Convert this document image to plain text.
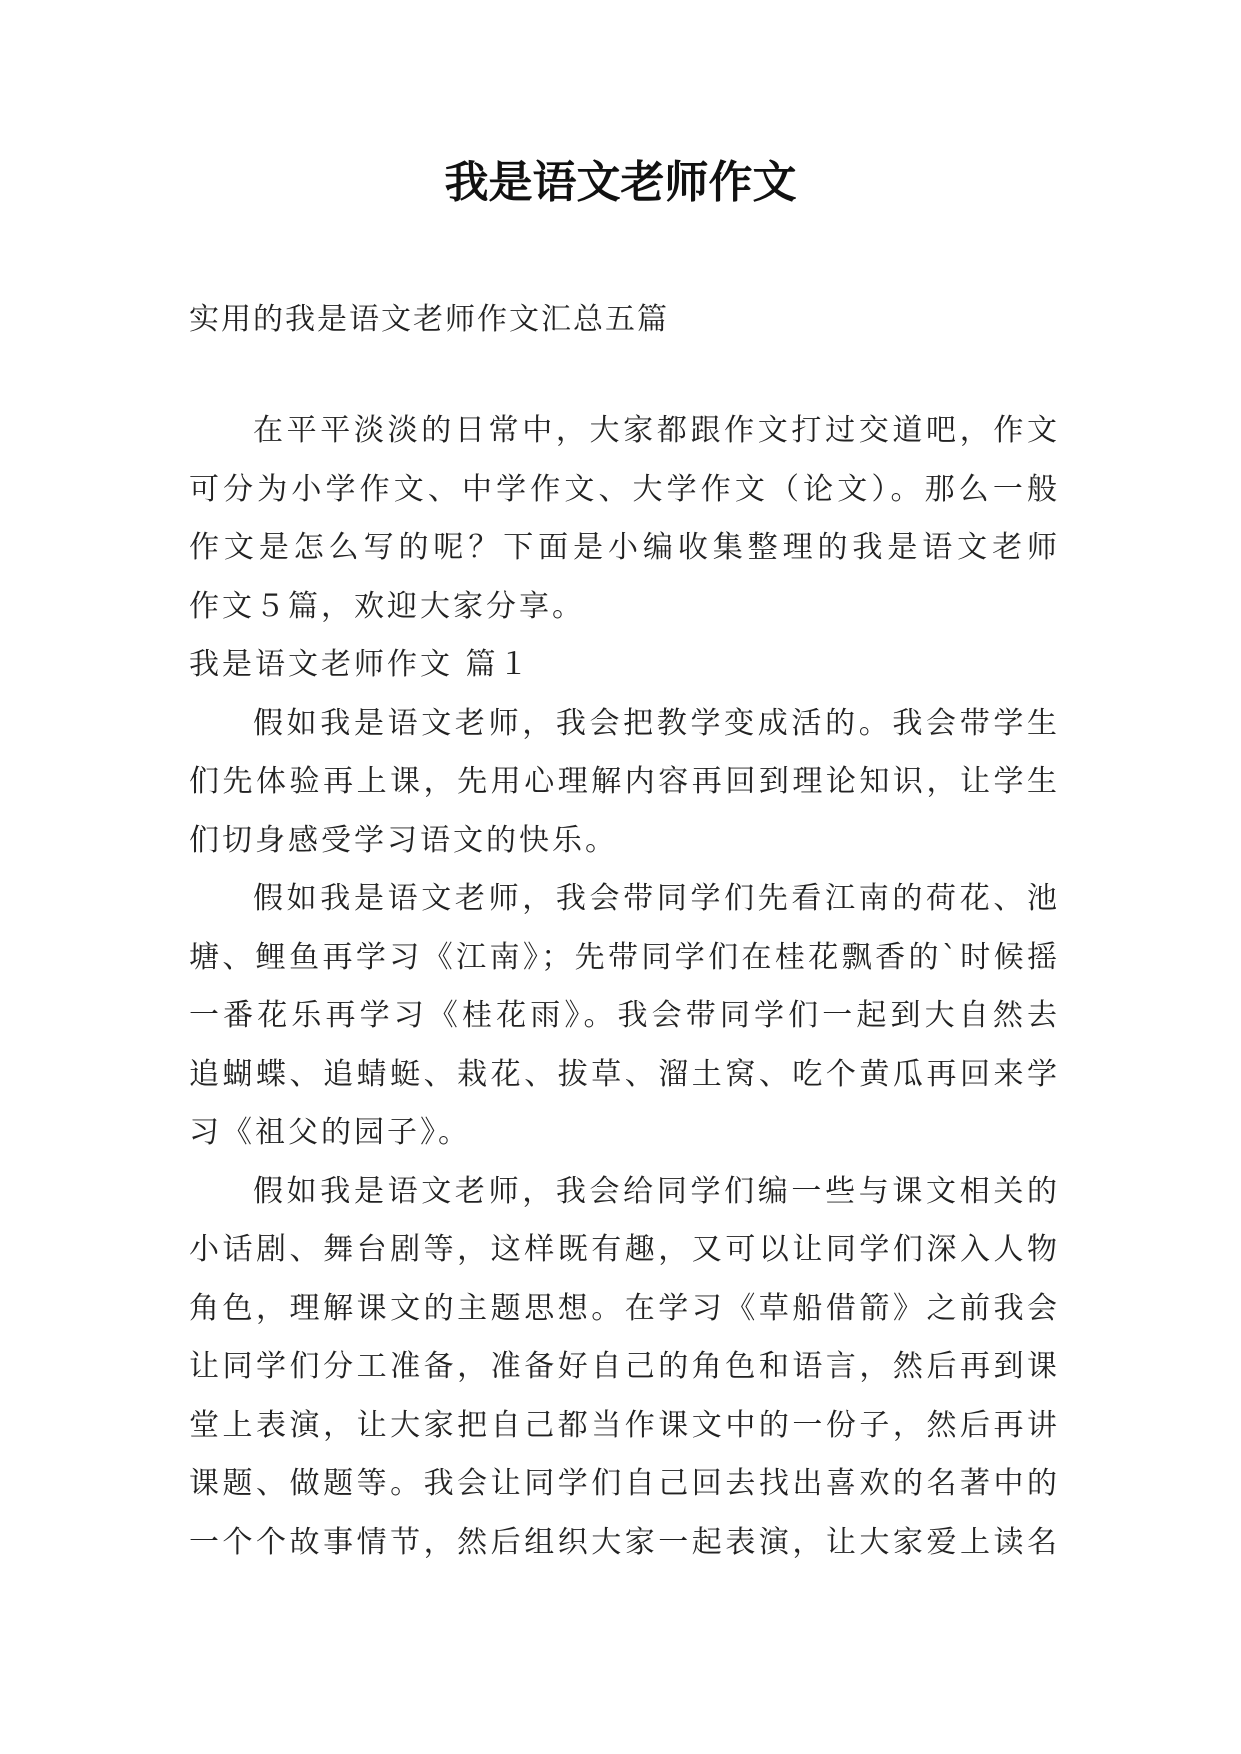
我是语文老师作文

实用的我是语文老师作文汇总五篇

在平平淡淡的日常中，大家都跟作文打过交道吧，作文

可分为小学作文、中学作文、大学作文（论文）。那么一般

作文是怎么写的呢？下面是小编收集整理的我是语文老师

作文５篇，欢迎大家分享。

我是语文老师作文 篇１

假如我是语文老师，我会把教学变成活的。我会带学生

们先体验再上课，先用心理解内容再回到理论知识，让学生

们切身感受学习语文的快乐。

假如我是语文老师，我会带同学们先看江南的荷花、池

塘、鲤鱼再学习《江南》；先带同学们在桂花飘香的`时候摇

一番花乐再学习《桂花雨》。我会带同学们一起到大自然去

追蝴蝶、追蜻蜓、栽花、拔草、溜土窝、吃个黄瓜再回来学

习《祖父的园子》。

假如我是语文老师，我会给同学们编一些与课文相关的

小话剧、舞台剧等，这样既有趣，又可以让同学们深入人物

角色，理解课文的主题思想。在学习《草船借箭》之前我会

让同学们分工准备，准备好自己的角色和语言，然后再到课

堂上表演，让大家把自己都当作课文中的一份子，然后再讲

课题、做题等。我会让同学们自己回去找出喜欢的名著中的

一个个故事情节，然后组织大家一起表演，让大家爱上读名
